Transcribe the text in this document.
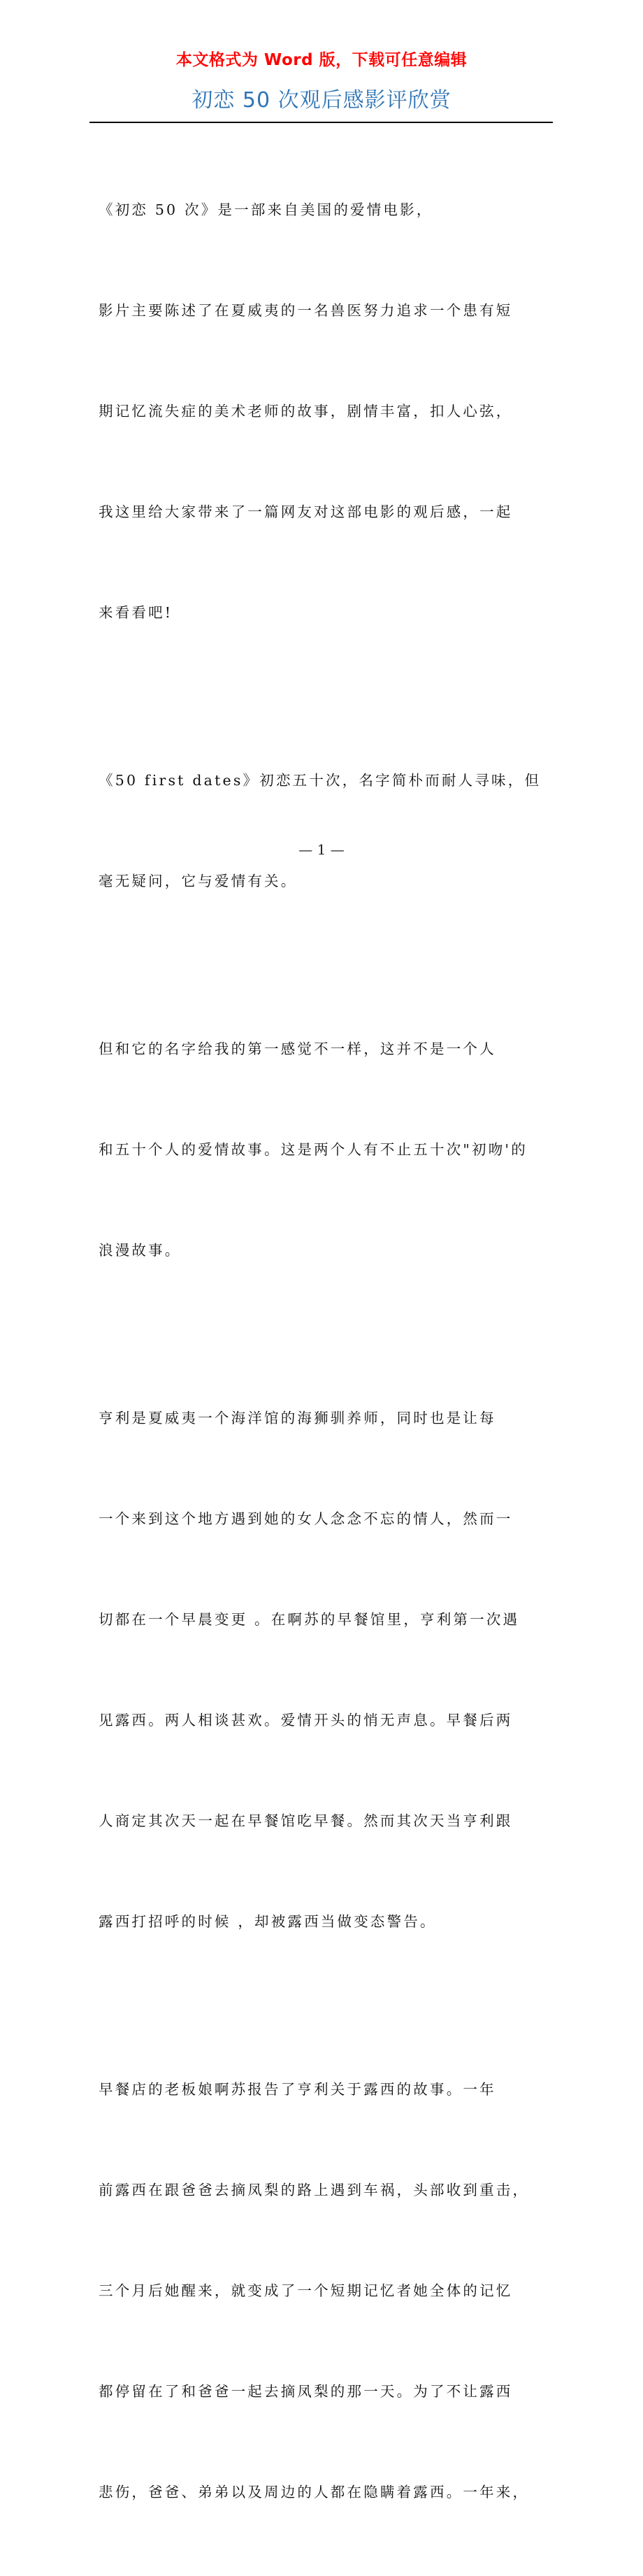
本文格式为 Word 版，下载可任意编辑
初恋 50 次观后感影评欣赏

《初恋 50 次》是一部来自美国的爱情电影，

影片主要陈述了在夏威夷的一名兽医努力追求一个患有短

期记忆流失症的美术老师的故事，剧情丰富，扣人心弦，

我这里给大家带来了一篇网友对这部电影的观后感，一起

来看看吧!

《50 first dates》初恋五十次，名字简朴而耐人寻味，但

毫无疑问，它与爱情有关。

但和它的名字给我的第一感觉不一样，这并不是一个人

和五十个人的爱情故事。这是两个人有不止五十次"初吻'的

浪漫故事。

亨利是夏威夷一个海洋馆的海狮驯养师，同时也是让每

一个来到这个地方遇到她的女人念念不忘的情人，然而一

切都在一个早晨变更 。在啊苏的早餐馆里，亨利第一次遇

见露西。两人相谈甚欢。爱情开头的悄无声息。早餐后两

人商定其次天一起在早餐馆吃早餐。然而其次天当亨利跟

露西打招呼的时候 ，却被露西当做变态警告。

早餐店的老板娘啊苏报告了亨利关于露西的故事。一年

前露西在跟爸爸去摘凤梨的路上遇到车祸，头部收到重击，

三个月后她醒来，就变成了一个短期记忆者她全体的记忆

都停留在了和爸爸一起去摘凤梨的那一天。为了不让露西

悲伤，爸爸、弟弟以及周边的人都在隐瞒着露西。一年来，

— 1 —
